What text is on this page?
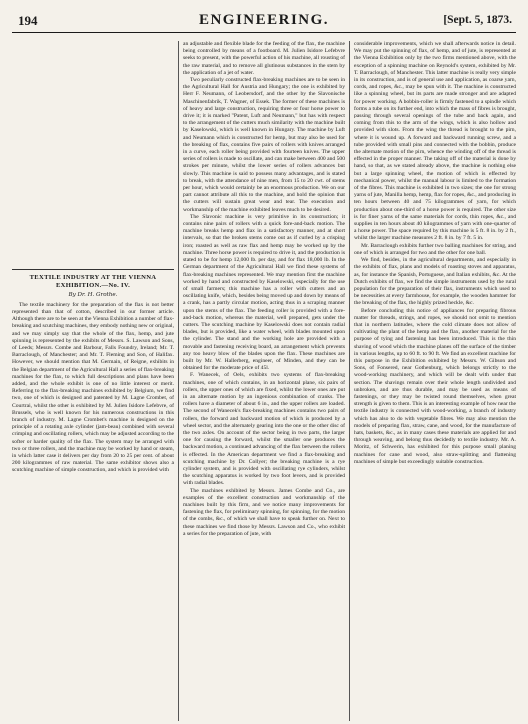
194	ENGINEERING.	[Sept. 5, 1873.
TEXTILE INDUSTRY AT THE VIENNA EXHIBITION.—No. IV.
By Dr. H. Grothe.

The textile machinery for the preparation of the flax is not better represented than that of cotton, described in our former article. Although there are to be seen at the Vienna Exhibition a number of flax-breaking and scutching machines, they embody nothing new or original, and we may simply say that the whole of the flax, hemp, and jute spinning is represented by the exhibits of Messrs. S. Lawson and Sons, of Leeds; Messrs. Combe and Barbour, Falls Foundry, Ireland; Mr. T. Barraclough, of Manchester; and Mr. T. Fleming and Son, of Halifax. However, we should mention that M. Germain, of Reigne, exhibits in the Belgian department of the Agricultural Hall a series of flax-breaking machines for the flax, to which full descriptions and plans have been added, and the whole exhibit is one of no little interest or merit. Referring to the flax-breaking machines exhibited by Belgium, we find two, one of which is designed and patented by M. Lagne Crombet, of Courtrai, whilst the other is exhibited by M. Julien Isidore Lefebvre, of Brussels, who is well known for his numerous constructions in this branch of industry. M. Lagne Crombet's machine is designed on the principle of a rotating axle cylinder (jam-beau) combined with several crimping and oscillating rollers, which may be adjusted according to the softer or harder quality of the flax. The system may be arranged with two or three rollers, and the machine may be worked by hand or steam, in which latter case it delivers per day from 20 to 25 per cent. of about 200 kilogrammes of raw material. The same exhibitor shows also a scutching machine of simple construction, and which is provided with

an adjustable and flexible blade for the feeding of the flax, the machine being controlled by means of a footboard. M. Julien Isidore Lefebvre seeks to present, with the powerful action of his machine, all rousting of the raw material, and to remove all glutinous substances in the stem by the application of a jet of water.

Two peculiarly constructed flax-breaking machines are to be seen in the Agricultural Hall for Austria and Hungary; the one is exhibited by Herr F. Neumann, of Leobersdorf, and the other by the Slavonische Maschinenfabrik, T. Wagner, of Essek. The former of these machines is of heavy and large construction, requiring three or four horse power to drive it; it is marked "Patent, Luft and Neumann," but has with respect to the arrangement of the cutters much similarity with the machine built by Kaselowski, which is well known in Hungary. The machine by Luft and Neumann which is constructed for hemp, but may also be used for the breaking of flax, contains five pairs of rollers with knives arranged in a curve, each roller being provided with fourteen knives. The upper series of rollers is made to oscillate, and can make between 400 and 500 strokes per minute, whilst the lower series of rollers advances but slowly. This machine is said to possess many advantages, and is stated to break, with the attendance of nine men, from 15 to 20 cwt. of stems per hour, which would certainly be an enormous production. We on our part cannot attribute all this to the machine, and hold the opinion that the cutters will sustain great wear and tear. The execution and workmanship of the machine exhibited leaves much to be desired.

The Slavonic machine is very primitive in its construction; it contains nine pairs of rollers with a quick fore-and-back motion. The machine breaks hemp and flax in a satisfactory manner, and at short intervals, so that the broken stems come out as if curled by a crisping iron; roasted as well as raw flax and hemp may be worked up by the machine. Three horse power is required to drive it, and the production is stated to be for hemp 12,000 lb. per day, and for flax 18,000 lb. In the German department of the Agricultural Hall we find these systems of flax-breaking machines represented. We may mention first the machine worked by hand and constructed by Kaselowski, especially for the use of small farmers; this machine has a roller with cutters and an oscillating knife, which, besides being moved up and down by means of a crank, has a partly circular motion, acting thus in a scraping manner upon the stems of the flax. The feeding roller is provided with a fore-and-back motion, whereas the material, well prepared, gets under the cutters. The scutching machine by Kaselowski does not contain radial blades, but is provided, like a water wheel, with blades mounted upon the cylinder. The stand and the working hole are provided with a movable and fastening receiving board, an arrangement which prevents any too heavy blow of the blades upon the flax. These machines are built by Mr. W. Hallerberg, engineer, of Minden, and they can be obtained for the moderate price of 45l.

F. Wanecek, of Oels, exhibits two systems of flax-breaking machines, one of which contains, in an horizontal plane, six pairs of rollers, the upper ones of which are fixed, whilst the lower ones are put in an alternate motion by an ingenious combination of cranks. The rollers have a diameter of about 6 in., and the upper rollers are loaded. The second of Wanecek's flax-breaking machines contains two pairs of rollers, the forward and backward motion of which is produced by a wheel sector, and the alternately gearing into the one or the other disc of the two axles. On account of the sector being in two parts, the larger one for causing the forward, whilst the smaller one produces the backward motion, a continued advancing of the flax between the rollers is effected. In the American department we find a flax-breaking and scutching machine by Dr. Collyer; the breaking machine is a rye cylinder system, and is provided with oscillating rye cylinders, whilst the scutching apparatus is worked by two foot levers, and is provided with radial blades.

The machines exhibited by Messrs. James Combe and Co., are examples of the excellent construction and workmanship of the machines built by this firm, and we notice many improvements for fastening the flax, for preliminary spinning, for spinning, for the motion of the combs, &c., of which we shall have to speak further on. Next to these machines we find those by Messrs. Lawson and Co., who exhibit a series for the preparation of jute, with

considerable improvements, which we shall afterwards notice in detail. We may put the spinning of flax, of hemp, and of jute, is represented at the Vienna Exhibition only by the two firms mentioned above, with the exception of a spinning machine on Reynold's system, exhibited by Mr. T. Barraclough, of Manchester. This latter machine is really very simple in its construction, and is of general use and application, as coarse yarn, cords, and ropes, &c., may be spun with it. The machine is constructed like a spinning wheel, but its parts are made stronger and are adapted for power working. A bobbin-roller is firmly fastened to a spindle which forms a tube on its further end, into which the mass of fibres is brought, passing through several openings of the tube and back again, and coming from this to the arm of the wings, which is also hollow and provided with slots. From the wing the thread is brought to the pirn, where it is wound up. A forward and backward running screw, and a tube provided with small pins and connected with the bobbin, produce the alternate motion of the pirn, whence the winding off of the thread is effected in the proper manner. The taking off of the material is done by hand, so that, as we stated already above, the machine is nothing else but a large spinning wheel, the motion of which is effected by mechanical power, whilst the manual labour is limited to the formation of the fibres. This machine is exhibited in two sizes; the one for strong yarns of jute, Manilla hemp, hemp, flax for ropes, &c., and producing in ten hours between 40 and 75 kilogrammes of yarn, for which production about one-third of a horse power is required. The other size is for finer yarns of the same materials for cords, thin ropes, &c., and supplies in ten hours about 40 kilogrammes of yarn with one-quarter of a horse power. The space required by this machine is 5 ft. 8 in. by 2 ft., whilst the larger machine measures 2 ft. 8 in. by 7 ft. 5 in.

Mr. Barraclough exhibits further two balling machines for string, and one of which is arranged for two and the other for one ball.

We find, besides, in the agricultural departments, and especially in the exhibits of flax, plans and models of roasting stoves and apparatus, as, for instance the Spanish, Portuguese, and Italian exhibits, &c. At the Dutch exhibits of flax, we find the simple instruments used by the rural population for the preparation of their flax, instruments which used to be necessities at every farmhouse, for example, the wooden hammer for the breaking of the flax, the highly prized heckle, &c.

Before concluding this notice of appliances for preparing fibrous matter for threads, strings, and ropes, we should not omit to mention that in northern latitudes, where the cold climate does not allow of cultivating the plant of the hemp and the flax, another material for the purpose of tying and fastening has been introduced. This is the thin shaving of wood which the machine planes off the surface of the timber in various lengths, up to 60 ft. to 90 ft. We find an excellent machine for this purpose in the Exhibition exhibited by Messrs. W. Gibson and Sons, of Fonsered, near Gothenburg, which belongs strictly to the wood-working machinery, and which will be dealt with under that section. The shavings remain over their whole length undivided and unbroken, and are thus durable, and may be used as means of fastenings, or they may be twisted round themselves, when great strength is given to them. This is an interesting example of how near the textile industry is connected with wood-working, a branch of industry which has also to do with vegetable fibres. We may also mention the models of preparing flax, straw, cane, and wood, for the manufacture of hats, baskets, &c., as in many cases these materials are applied for and through weaving, and belong thus decidedly to textile industry. Mr. A. Moritz, of Schwerin, has exhibited for this purpose small planing machines for cane and wood, also straw-splitting and flattening machines of simple but exceedingly suitable construction.
